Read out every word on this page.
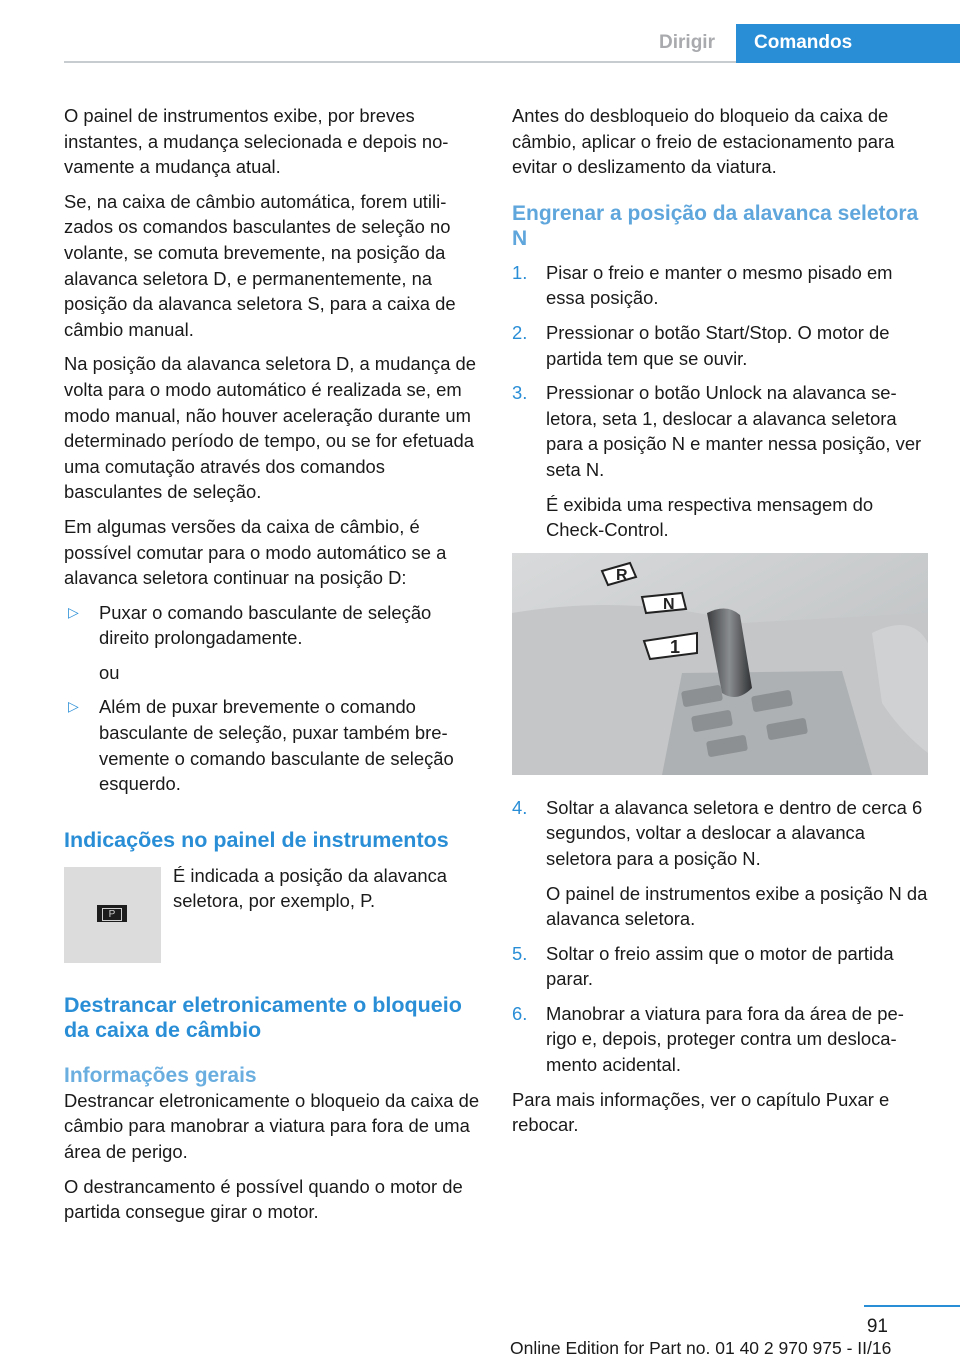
Dirigir	Comandos

O painel de instrumentos exibe, por breves instantes, a mudança selecionada e depois novamente a mudança atual.

Se, na caixa de câmbio automática, forem utilizados os comandos basculantes de seleção no volante, se comuta brevemente, na posição da alavanca seletora D, e permanentemente, na posição da alavanca seletora S, para a caixa de câmbio manual.

Na posição da alavanca seletora D, a mudança de volta para o modo automático é realizada se, em modo manual, não houver aceleração durante um determinado período de tempo, ou se for efetuada uma comutação através dos comandos basculantes de seleção.

Em algumas versões da caixa de câmbio, é possível comutar para o modo automático se a alavanca seletora continuar na posição D:

▷ Puxar o comando basculante de seleção direito prolongadamente.
ou
▷ Além de puxar brevemente o comando basculante de seleção, puxar também brevemente o comando basculante de seleção esquerdo.
Indicações no painel de instrumentos
P
É indicada a posição da alavanca seletora, por exemplo, P.
Destrancar eletronicamente o bloqueio da caixa de câmbio
Informações gerais

Destrancar eletronicamente o bloqueio da caixa de câmbio para manobrar a viatura para fora de uma área de perigo.

O destrancamento é possível quando o motor de partida consegue girar o motor.

Antes do desbloqueio do bloqueio da caixa de câmbio, aplicar o freio de estacionamento para evitar o deslizamento da viatura.

Engrenar a posição da alavanca seletora N
1. Pisar o freio e manter o mesmo pisado em essa posição.
2. Pressionar o botão Start/Stop. O motor de partida tem que se ouvir.
3. Pressionar o botão Unlock na alavanca seletora, seta 1, deslocar a alavanca seletora para a posição N e manter nessa posição, ver seta N.
É exibida uma respectiva mensagem do Check-Control.
R
N
1
4. Soltar a alavanca seletora e dentro de cerca 6 segundos, voltar a deslocar a alavanca seletora para a posição N.
O painel de instrumentos exibe a posição N da alavanca seletora.
5. Soltar o freio assim que o motor de partida parar.
6. Manobrar a viatura para fora da área de perigo e, depois, proteger contra um deslocamento acidental.

Para mais informações, ver o capítulo Puxar e rebocar.

91
Online Edition for Part no. 01 40 2 970 975 - II/16
